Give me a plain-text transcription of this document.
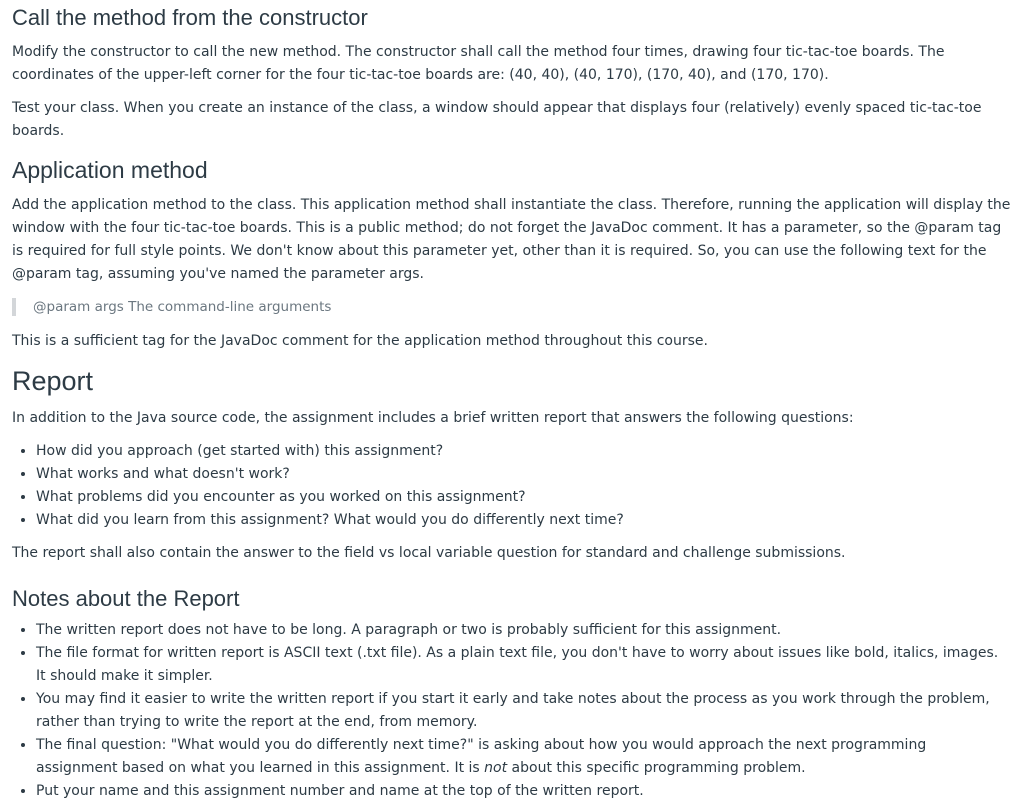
Call the method from the constructor

Modify the constructor to call the new method. The constructor shall call the method four times, drawing four tic-tac-toe boards. The coordinates of the upper-left corner for the four tic-tac-toe boards are: (40, 40), (40, 170), (170, 40), and (170, 170).

Test your class. When you create an instance of the class, a window should appear that displays four (relatively) evenly spaced tic-tac-toe boards.

Application method

Add the application method to the class. This application method shall instantiate the class. Therefore, running the application will display the window with the four tic-tac-toe boards. This is a public method; do not forget the JavaDoc comment. It has a parameter, so the @param tag is required for full style points. We don't know about this parameter yet, other than it is required. So, you can use the following text for the @param tag, assuming you've named the parameter args.

@param args The command-line arguments

This is a sufficient tag for the JavaDoc comment for the application method throughout this course.

Report

In addition to the Java source code, the assignment includes a brief written report that answers the following questions:

• How did you approach (get started with) this assignment?
• What works and what doesn't work?
• What problems did you encounter as you worked on this assignment?
• What did you learn from this assignment? What would you do differently next time?

The report shall also contain the answer to the field vs local variable question for standard and challenge submissions.

Notes about the Report
• The written report does not have to be long. A paragraph or two is probably sufficient for this assignment.
• The file format for written report is ASCII text (.txt file). As a plain text file, you don't have to worry about issues like bold, italics, images. It should make it simpler.
• You may find it easier to write the written report if you start it early and take notes about the process as you work through the problem, rather than trying to write the report at the end, from memory.
• The final question: "What would you do differently next time?" is asking about how you would approach the next programming assignment based on what you learned in this assignment. It is not about this specific programming problem.
• Put your name and this assignment number and name at the top of the written report.
